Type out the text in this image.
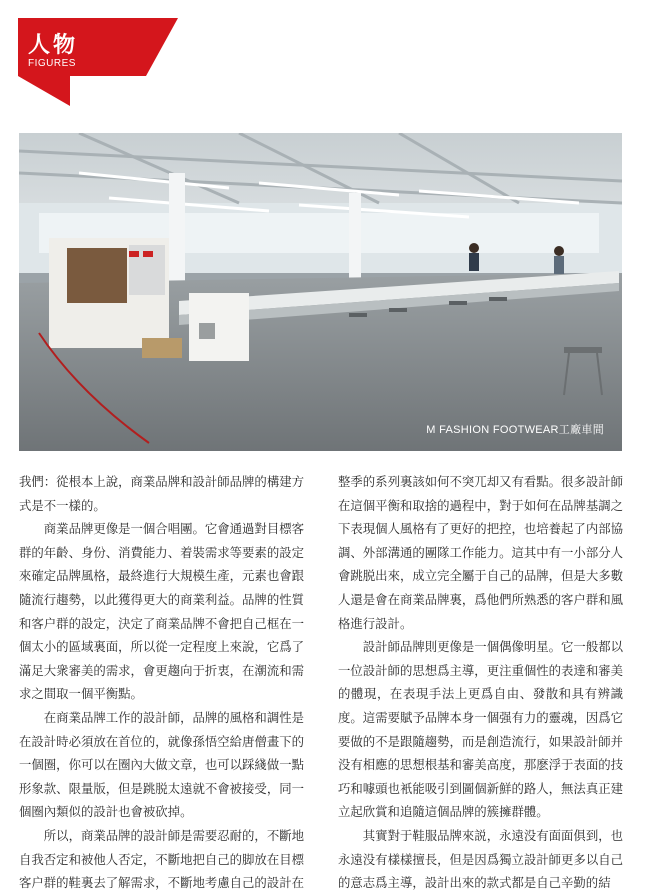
人物
FIGURES
M FASHION FOOTWEAR工廠車間

我們：從根本上說，商業品牌和設計師品牌的構建方式是不一樣的。

商業品牌更像是一個合唱團。它會通過對目標客群的年齡、身份、消費能力、着裝需求等要素的設定來確定品牌風格，最終進行大規模生產，元素也會跟隨流行趨勢，以此獲得更大的商業利益。品牌的性質和客户群的設定，決定了商業品牌不會把自己框在一個太小的區域裏面，所以從一定程度上來說，它爲了滿足大衆審美的需求，會更趨向于折衷，在潮流和需求之間取一個平衡點。

在商業品牌工作的設計師，品牌的風格和調性是在設計時必須放在首位的，就像孫悟空給唐僧畫下的一個圈，你可以在圈內大做文章，也可以踩綫做一點形象款、限量版，但是跳脱太遠就不會被接受，同一個圈內類似的設計也會被砍掉。

所以，商業品牌的設計師是需要忍耐的，不斷地自我否定和被他人否定，不斷地把自己的脚放在目標客户群的鞋裏去了解需求，不斷地考慮自己的設計在

整季的系列裏該如何不突兀却又有看點。很多設計師在這個平衡和取捨的過程中，對于如何在品牌基調之下表現個人風格有了更好的把控，也培養起了内部協調、外部溝通的團隊工作能力。這其中有一小部分人會跳脱出來，成立完全屬于自己的品牌，但是大多數人還是會在商業品牌裏，爲他們所熟悉的客户群和風格進行設計。

設計師品牌則更像是一個偶像明星。它一般都以一位設計師的思想爲主導，更注重個性的表達和審美的體現，在表現手法上更爲自由、發散和具有辨識度。這需要賦予品牌本身一個强有力的靈魂，因爲它要做的不是跟隨趨勢，而是創造流行，如果設計師并没有相應的思想根基和審美高度，那麽浮于表面的技巧和噱頭也衹能吸引到圖個新鮮的路人，無法真正建立起欣賞和追隨這個品牌的簇擁群體。

其實對于鞋服品牌來説，永遠没有面面俱到，也永遠没有樣樣擅長，但是因爲獨立設計師更多以自己的意志爲主導，設計出來的款式都是自己辛勤的結
